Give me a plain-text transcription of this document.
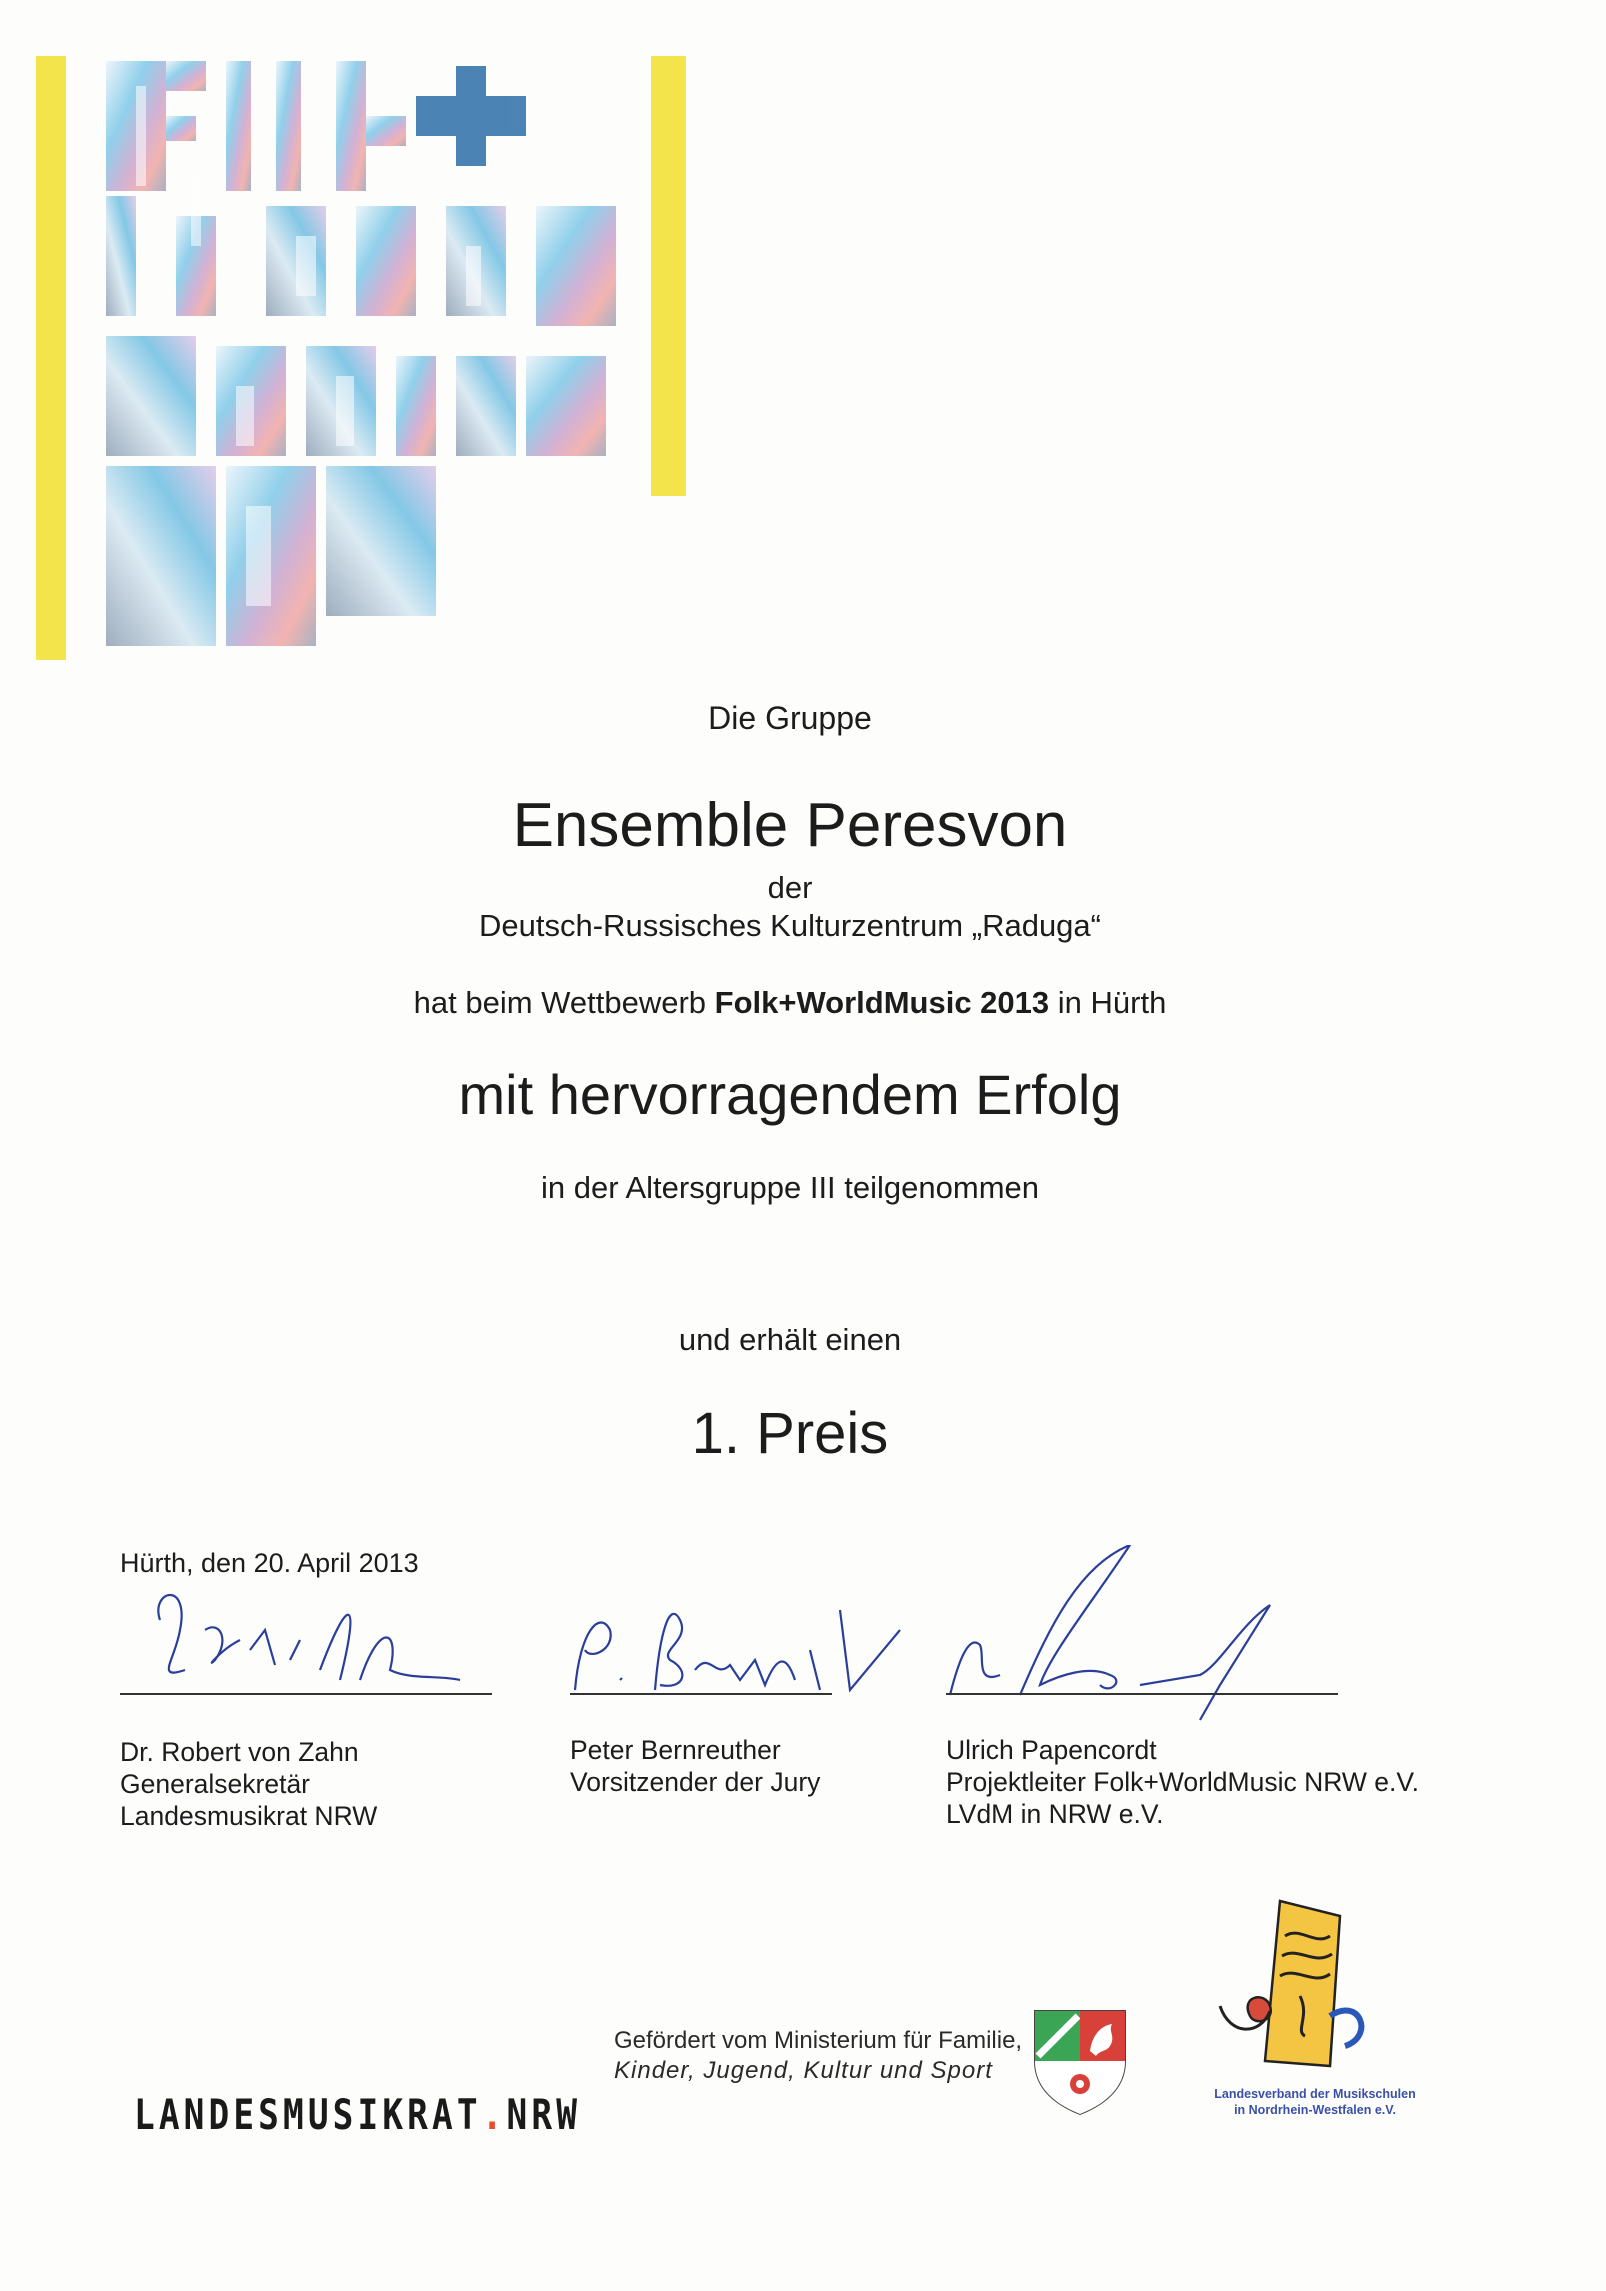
Die Gruppe
Ensemble Peresvon
der
Deutsch-Russisches Kulturzentrum „Raduga“
hat beim Wettbewerb Folk+WorldMusic 2013 in Hürth
mit hervorragendem Erfolg
in der Altersgruppe III teilgenommen
und erhält einen
1. Preis
Hürth, den 20. April 2013
Dr. Robert von Zahn
Generalsekretär
Landesmusikrat NRW
Peter Bernreuther
Vorsitzender der Jury
Ulrich Papencordt
Projektleiter Folk+WorldMusic NRW e.V.
LVdM in NRW e.V.
Gefördert vom Ministerium für Familie,
Kinder, Jugend, Kultur und Sport
LANDESMUSIKRAT.NRW	Landesverband der Musikschulen
in Nordrhein-Westfalen e.V.
